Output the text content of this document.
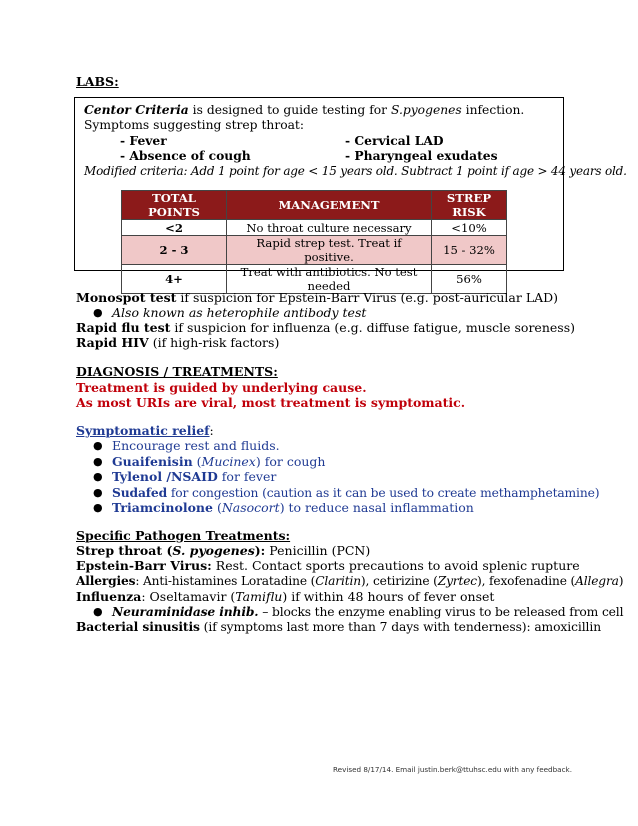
LABS:
Centor Criteria is designed to guide testing for S.pyogenes infection.
Symptoms suggesting strep throat:
- Fever
- Absence of cough
- Cervical LAD
- Pharyngeal exudates
Modified criteria: Add 1 point for age < 15 years old. Subtract 1 point if age > 44 years old.
TOTAL POINTS	MANAGEMENT	STREP RISK
<2	No throat culture necessary	<10%
2 - 3	Rapid strep test. Treat if positive.	15 - 32%
4+	Treat with antibiotics. No test needed	56%
Monospot test if suspicion for Epstein-Barr Virus (e.g. post-auricular LAD)
● Also known as heterophile antibody test
Rapid flu test if suspicion for influenza (e.g. diffuse fatigue, muscle soreness)
Rapid HIV (if high-risk factors)
DIAGNOSIS / TREATMENTS:
Treatment is guided by underlying cause.
As most URIs are viral, most treatment is symptomatic.
Symptomatic relief:
● Encourage rest and fluids.
● Guaifenisin (Mucinex) for cough
● Tylenol /NSAID for fever
● Sudafed for congestion (caution as it can be used to create methamphetamine)
● Triamcinolone (Nasocort) to reduce nasal inflammation
Specific Pathogen Treatments:
Strep throat (S. pyogenes): Penicillin (PCN)
Epstein-Barr Virus: Rest. Contact sports precautions to avoid splenic rupture
Allergies: Anti-histamines Loratadine (Claritin), cetirizine (Zyrtec), fexofenadine (Allegra)
Influenza: Oseltamavir (Tamiflu) if within 48 hours of fever onset
● Neuraminidase inhib. – blocks the enzyme enabling virus to be released from cell
Bacterial sinusitis (if symptoms last more than 7 days with tenderness): amoxicillin
Revised 8/17/14. Email justin.berk@ttuhsc.edu with any feedback.
